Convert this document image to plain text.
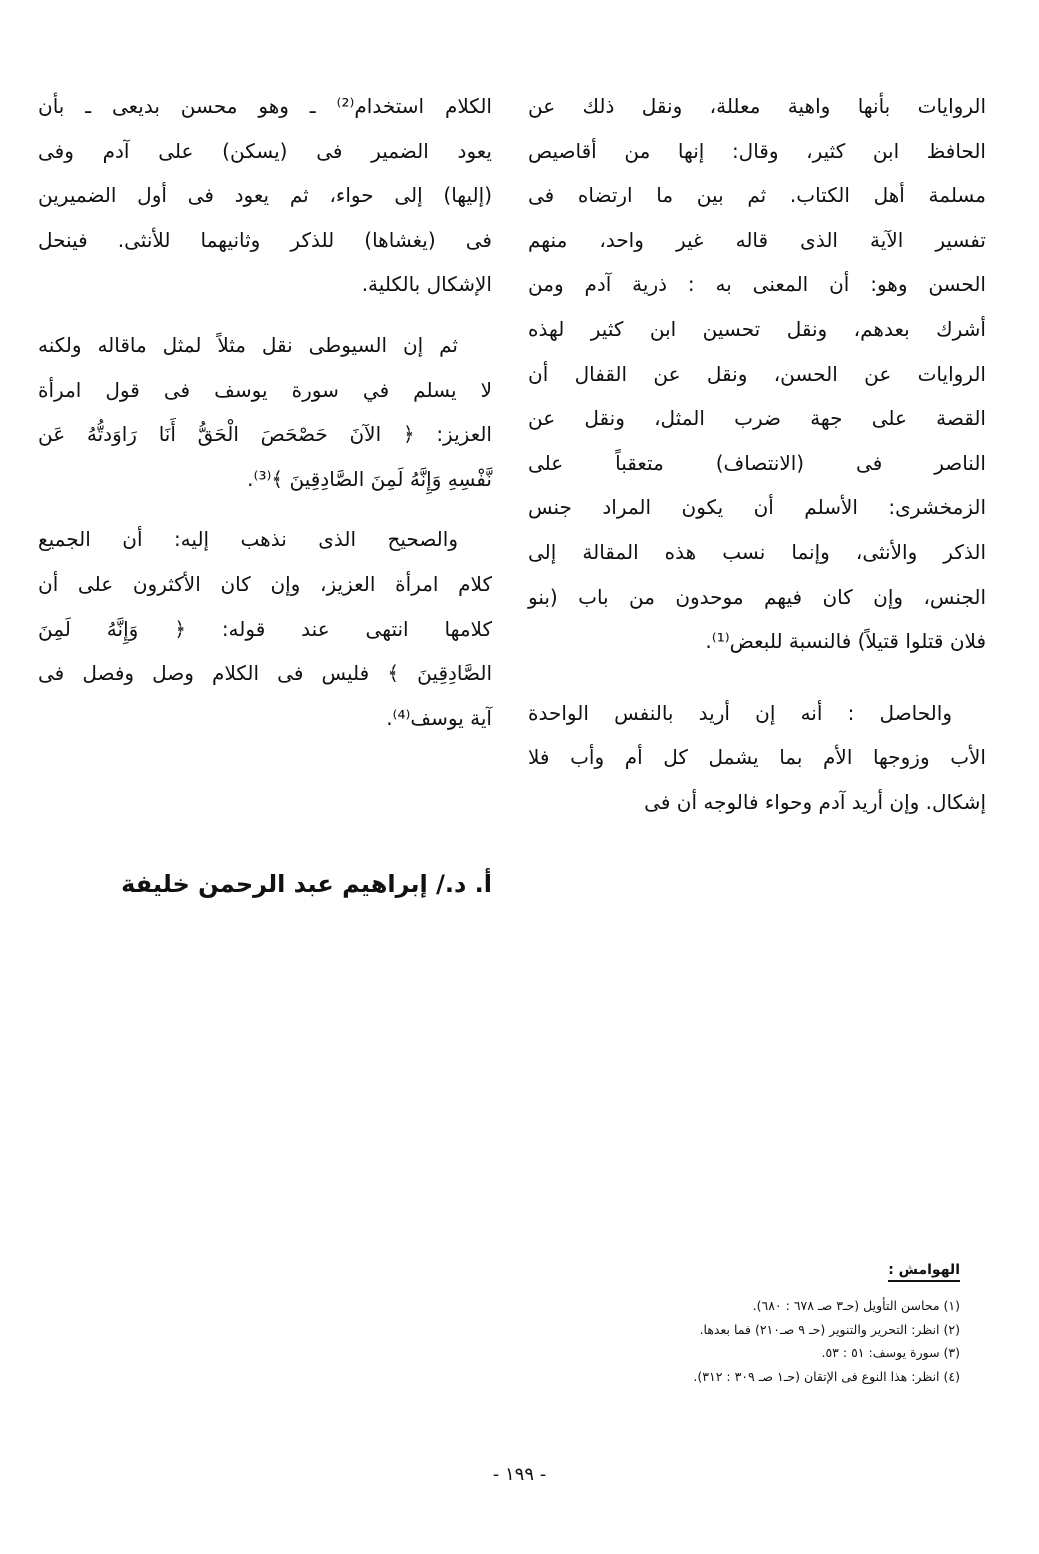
الروايات بأنها واهية معللة، ونقل ذلك عن
الحافظ ابن كثير، وقال: إنها من أقاصيص
مسلمة أهل الكتاب. ثم بين ما ارتضاه فى
تفسير الآية الذى قاله غير واحد، منهم
الحسن وهو: أن المعنى به : ذرية آدم ومن
أشرك بعدهم، ونقل تحسين ابن كثير لهذه
الروايات عن الحسن، ونقل عن القفال أن
القصة على جهة ضرب المثل، ونقل عن
الناصر فى (الانتصاف) متعقباً على
الزمخشرى: الأسلم أن يكون المراد جنس
الذكر والأنثى، وإنما نسب هذه المقالة إلى
الجنس، وإن كان فيهم موحدون من باب (بنو
فلان قتلوا قتيلاً) فالنسبة للبعض⁽¹⁾.
والحاصل : أنه إن أريد بالنفس الواحدة
الأب وزوجها الأم بما يشمل كل أم وأب فلا
إشكال. وإن أريد آدم وحواء فالوجه أن فى
الكلام استخدام⁽²⁾ ـ وهو محسن بديعى ـ بأن
يعود الضمير فى (يسكن) على آدم وفى
(إليها) إلى حواء، ثم يعود فى أول الضميرين
فى (يغشاها) للذكر وثانيهما للأنثى. فينحل
الإشكال بالكلية.
ثم إن السيوطى نقل مثلاً لمثل ماقاله ولكنه
لا يسلم في سورة يوسف فى قول امرأة
العزيز: ﴿ الآنَ حَصْحَصَ الْحَقُّ أَنَا رَاوَدتُّهُ عَن
نَّفْسِهِ وَإِنَّهُ لَمِنَ الصَّادِقِينَ ﴾⁽³⁾.
والصحيح الذى نذهب إليه: أن الجميع
كلام امرأة العزيز، وإن كان الأكثرون على أن
كلامها انتهى عند قوله: ﴿ وَإِنَّهُ لَمِنَ
الصَّادِقِينَ ﴾ فليس فى الكلام وصل وفصل فى
آية يوسف⁽⁴⁾.
أ. د./ إبراهيم عبد الرحمن خليفة
الهوامش :
(١) محاسن التأويل (حـ٣ صـ ٦٧٨ : ٦٨٠).
(٢) انظر: التحرير والتنوير (حـ ٩ صـ٢١٠) فما بعدها.
(٣) سورة يوسف: ٥١ : ٥٣.
(٤) انظر: هذا النوع فى الإتقان (حـ١ صـ ٣٠٩ : ٣١٢).
- ١٩٩ -
